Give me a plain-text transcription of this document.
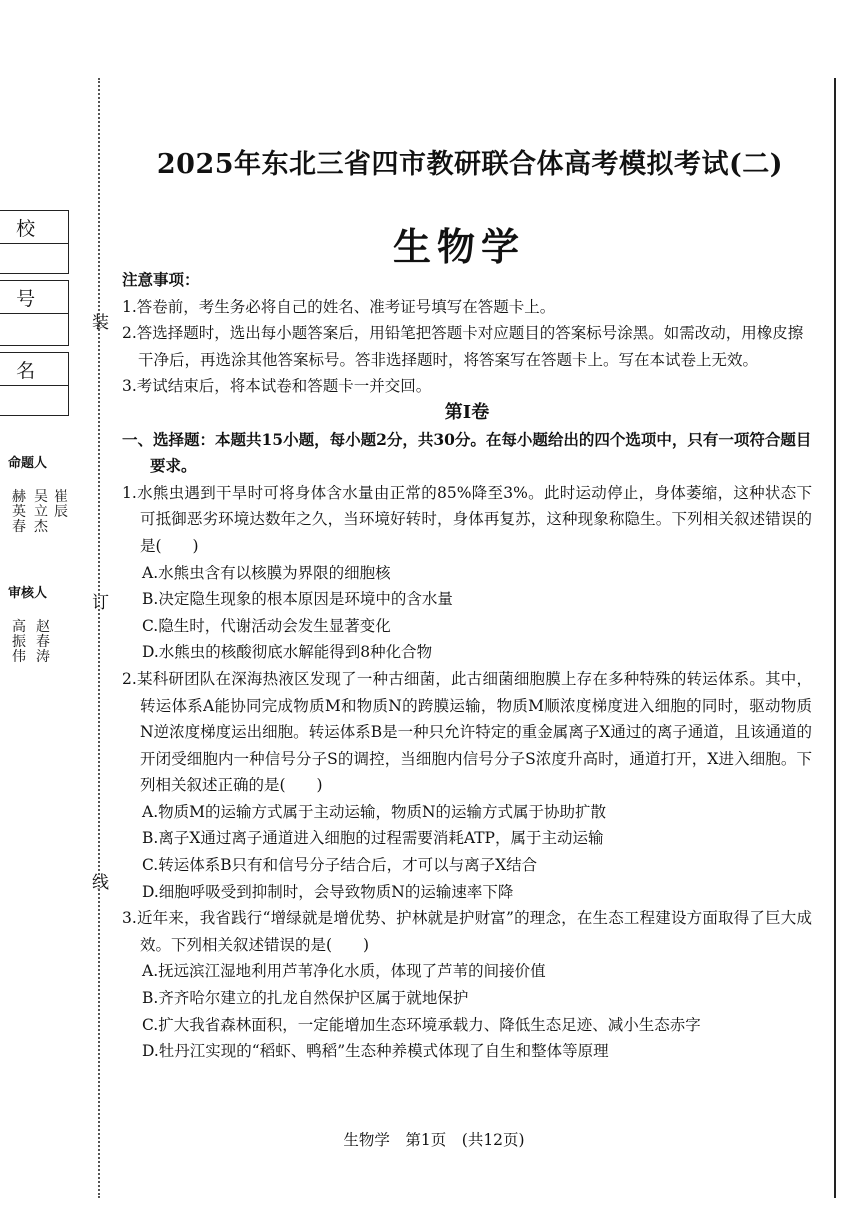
校
号
名
命题人
赫英春
吴立杰
崔辰
审核人
高振伟
赵春涛
装
订
线
2025年东北三省四市教研联合体高考模拟考试(二)
生物学

注意事项：

1.答卷前，考生务必将自己的姓名、准考证号填写在答题卡上。

2.答选择题时，选出每小题答案后，用铅笔把答题卡对应题目的答案标号涂黑。如需改动，用橡皮擦干净后，再选涂其他答案标号。答非选择题时，将答案写在答题卡上。写在本试卷上无效。

3.考试结束后，将本试卷和答题卡一并交回。

第Ⅰ卷

一、选择题：本题共15小题，每小题2分，共30分。在每小题给出的四个选项中，只有一项符合题目要求。

1.水熊虫遇到干旱时可将身体含水量由正常的85%降至3%。此时运动停止，身体萎缩，这种状态下可抵御恶劣环境达数年之久，当环境好转时，身体再复苏，这种现象称隐生。下列相关叙述错误的是(　　)

A.水熊虫含有以核膜为界限的细胞核

B.决定隐生现象的根本原因是环境中的含水量

C.隐生时，代谢活动会发生显著变化

D.水熊虫的核酸彻底水解能得到8种化合物

2.某科研团队在深海热液区发现了一种古细菌，此古细菌细胞膜上存在多种特殊的转运体系。其中，转运体系A能协同完成物质M和物质N的跨膜运输，物质M顺浓度梯度进入细胞的同时，驱动物质N逆浓度梯度运出细胞。转运体系B是一种只允许特定的重金属离子X通过的离子通道，且该通道的开闭受细胞内一种信号分子S的调控，当细胞内信号分子S浓度升高时，通道打开，X进入细胞。下列相关叙述正确的是(　　)

A.物质M的运输方式属于主动运输，物质N的运输方式属于协助扩散

B.离子X通过离子通道进入细胞的过程需要消耗ATP，属于主动运输

C.转运体系B只有和信号分子结合后，才可以与离子X结合

D.细胞呼吸受到抑制时，会导致物质N的运输速率下降

3.近年来，我省践行“增绿就是增优势、护林就是护财富”的理念，在生态工程建设方面取得了巨大成效。下列相关叙述错误的是(　　)

A.抚远滨江湿地利用芦苇净化水质，体现了芦苇的间接价值

B.齐齐哈尔建立的扎龙自然保护区属于就地保护

C.扩大我省森林面积，一定能增加生态环境承载力、降低生态足迹、减小生态赤字

D.牡丹江实现的“稻虾、鸭稻”生态种养模式体现了自生和整体等原理

生物学　第1页　(共12页)
